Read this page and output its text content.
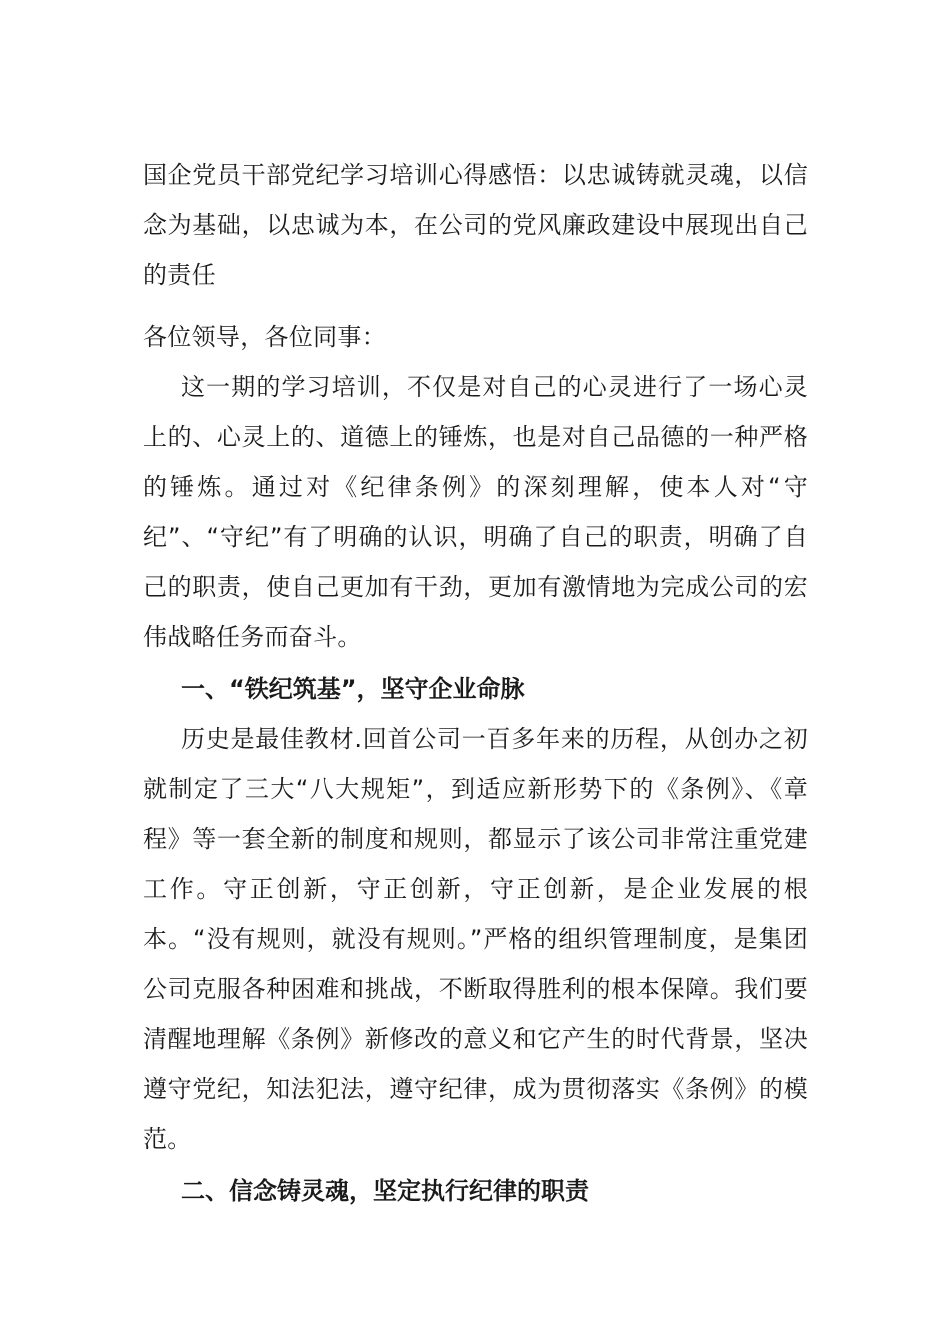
国企党员干部党纪学习培训心得感悟：以忠诚铸就灵魂，以信念为基础，以忠诚为本，在公司的党风廉政建设中展现出自己的责任

各位领导，各位同事：

这一期的学习培训，不仅是对自己的心灵进行了一场心灵上的、心灵上的、道德上的锤炼，也是对自己品德的一种严格的锤炼。通过对《纪律条例》的深刻理解，使本人对“守纪”、“守纪”有了明确的认识，明确了自己的职责，明确了自己的职责，使自己更加有干劲，更加有激情地为完成公司的宏伟战略任务而奋斗。

一、“铁纪筑基”，坚守企业命脉

历史是最佳教材.回首公司一百多年来的历程，从创办之初就制定了三大“八大规矩”，到适应新形势下的《条例》、《章程》等一套全新的制度和规则，都显示了该公司非常注重党建工作。守正创新，守正创新，守正创新，是企业发展的根本。“没有规则，就没有规则。”严格的组织管理制度，是集团公司克服各种困难和挑战，不断取得胜利的根本保障。我们要清醒地理解《条例》新修改的意义和它产生的时代背景，坚决遵守党纪，知法犯法，遵守纪律，成为贯彻落实《条例》的模范。

二、信念铸灵魂，坚定执行纪律的职责
